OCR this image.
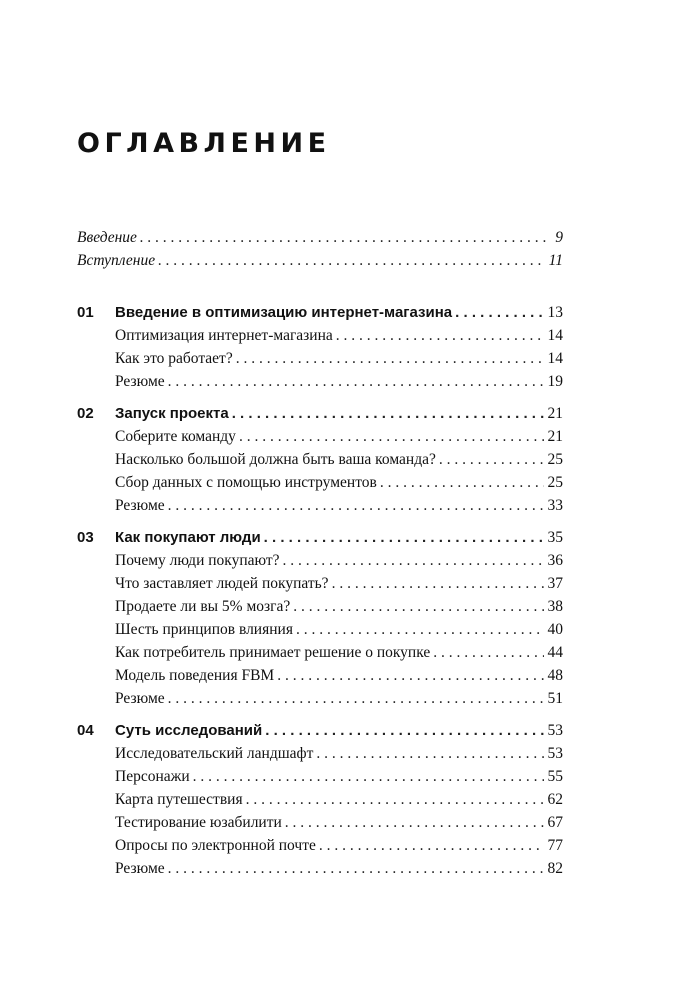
ОГЛАВЛЕНИЕ
Введение . . .	9
Вступление . . .	11
01	Введение в оптимизацию интернет-магазина . . .	13
Оптимизация интернет-магазина . . .	14
Как это работает? . . .	14
Резюме . . .	19
02	Запуск проекта . . .	21
Соберите команду . . .	21
Насколько большой должна быть ваша команда? . . .	25
Сбор данных с помощью инструментов . . .	25
Резюме . . .	33
03	Как покупают люди . . .	35
Почему люди покупают? . . .	36
Что заставляет людей покупать? . . .	37
Продаете ли вы 5% мозга? . . .	38
Шесть принципов влияния . . .	40
Как потребитель принимает решение о покупке . . .	44
Модель поведения FBM . . .	48
Резюме . . .	51
04	Суть исследований . . .	53
Исследовательский ландшафт . . .	53
Персонажи . . .	55
Карта путешествия . . .	62
Тестирование юзабилити . . .	67
Опросы по электронной почте . . .	77
Резюме . . .	82
